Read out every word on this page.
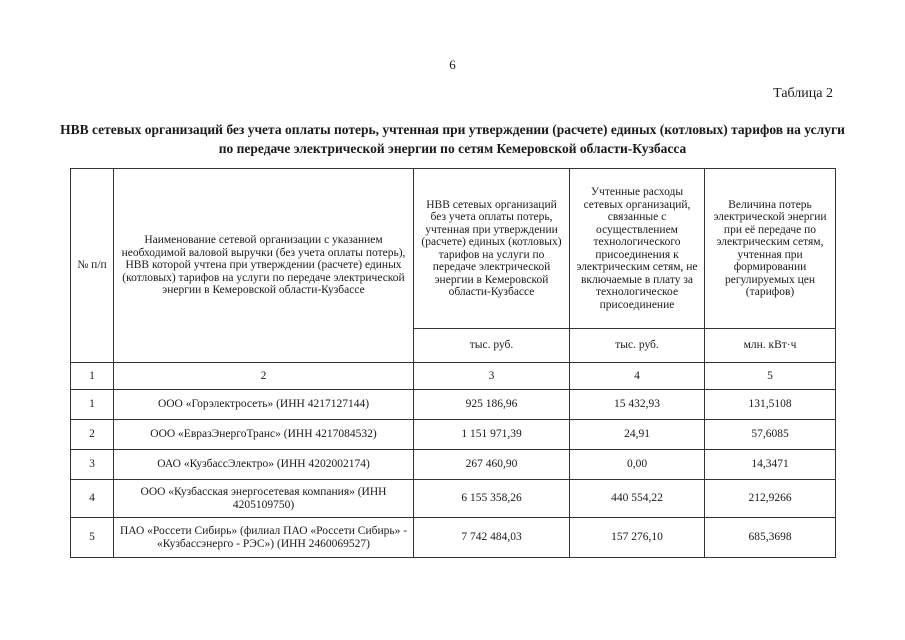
6
Таблица 2
НВВ сетевых организаций без учета оплаты потерь, учтенная при утверждении (расчете) единых (котловых) тарифов на услуги по передаче электрической энергии по сетям Кемеровской области-Кузбасса
№ п/п	Наименование сетевой организации с указанием необходимой валовой выручки (без учета оплаты потерь), НВВ которой учтена при утверждении (расчете) единых (котловых) тарифов на услуги по передаче электрической энергии в Кемеровской области-Кузбассе	НВВ сетевых организаций без учета оплаты потерь, учтенная при утверждении (расчете) единых (котловых) тарифов на услуги по передаче электрической энергии в Кемеровской области-Кузбассе	Учтенные расходы сетевых организаций, связанные с осуществлением технологического присоединения к электрическим сетям, не включаемые в плату за технологическое присоединение	Величина потерь электрической энергии при её передаче по электрическим сетям, учтенная при формировании регулируемых цен (тарифов)
		тыс. руб.	тыс. руб.	млн. кВт·ч
1	2	3	4	5
1	ООО «Горэлектросеть» (ИНН 4217127144)	925 186,96	15 432,93	131,5108
2	ООО «ЕвразЭнергоТранс» (ИНН 4217084532)	1 151 971,39	24,91	57,6085
3	ОАО «КузбассЭлектро» (ИНН 4202002174)	267 460,90	0,00	14,3471
4	ООО «Кузбасская энергосетевая компания» (ИНН 4205109750)	6 155 358,26	440 554,22	212,9266
5	ПАО «Россети Сибирь» (филиал ПАО «Россети Сибирь» - «Кузбассэнерго - РЭС») (ИНН 2460069527)	7 742 484,03	157 276,10	685,3698
